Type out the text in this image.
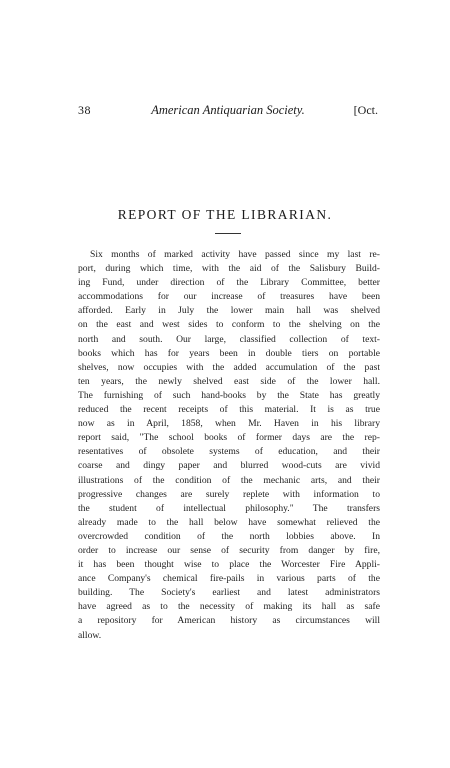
38	American Antiquarian Society.	[Oct.
REPORT OF THE LIBRARIAN.
Six months of marked activity have passed since my last re-
port, during which time, with the aid of the Salisbury Build-
ing Fund, under direction of the Library Committee, better
accommodations for our increase of treasures have been
afforded. Early in July the lower main hall was shelved
on the east and west sides to conform to the shelving on the
north and south. Our large, classified collection of text-
books which has for years been in double tiers on portable
shelves, now occupies with the added accumulation of the past
ten years, the newly shelved east side of the lower hall.
The furnishing of such hand-books by the State has greatly
reduced the recent receipts of this material. It is as true
now as in April, 1858, when Mr. Haven in his library
report said, "The school books of former days are the rep-
resentatives of obsolete systems of education, and their
coarse and dingy paper and blurred wood-cuts are vivid
illustrations of the condition of the mechanic arts, and their
progressive changes are surely replete with information to
the student of intellectual philosophy." The transfers
already made to the hall below have somewhat relieved the
overcrowded condition of the north lobbies above. In
order to increase our sense of security from danger by fire,
it has been thought wise to place the Worcester Fire Appli-
ance Company's chemical fire-pails in various parts of the
building. The Society's earliest and latest administrators
have agreed as to the necessity of making its hall as safe
a repository for American history as circumstances will
allow.
